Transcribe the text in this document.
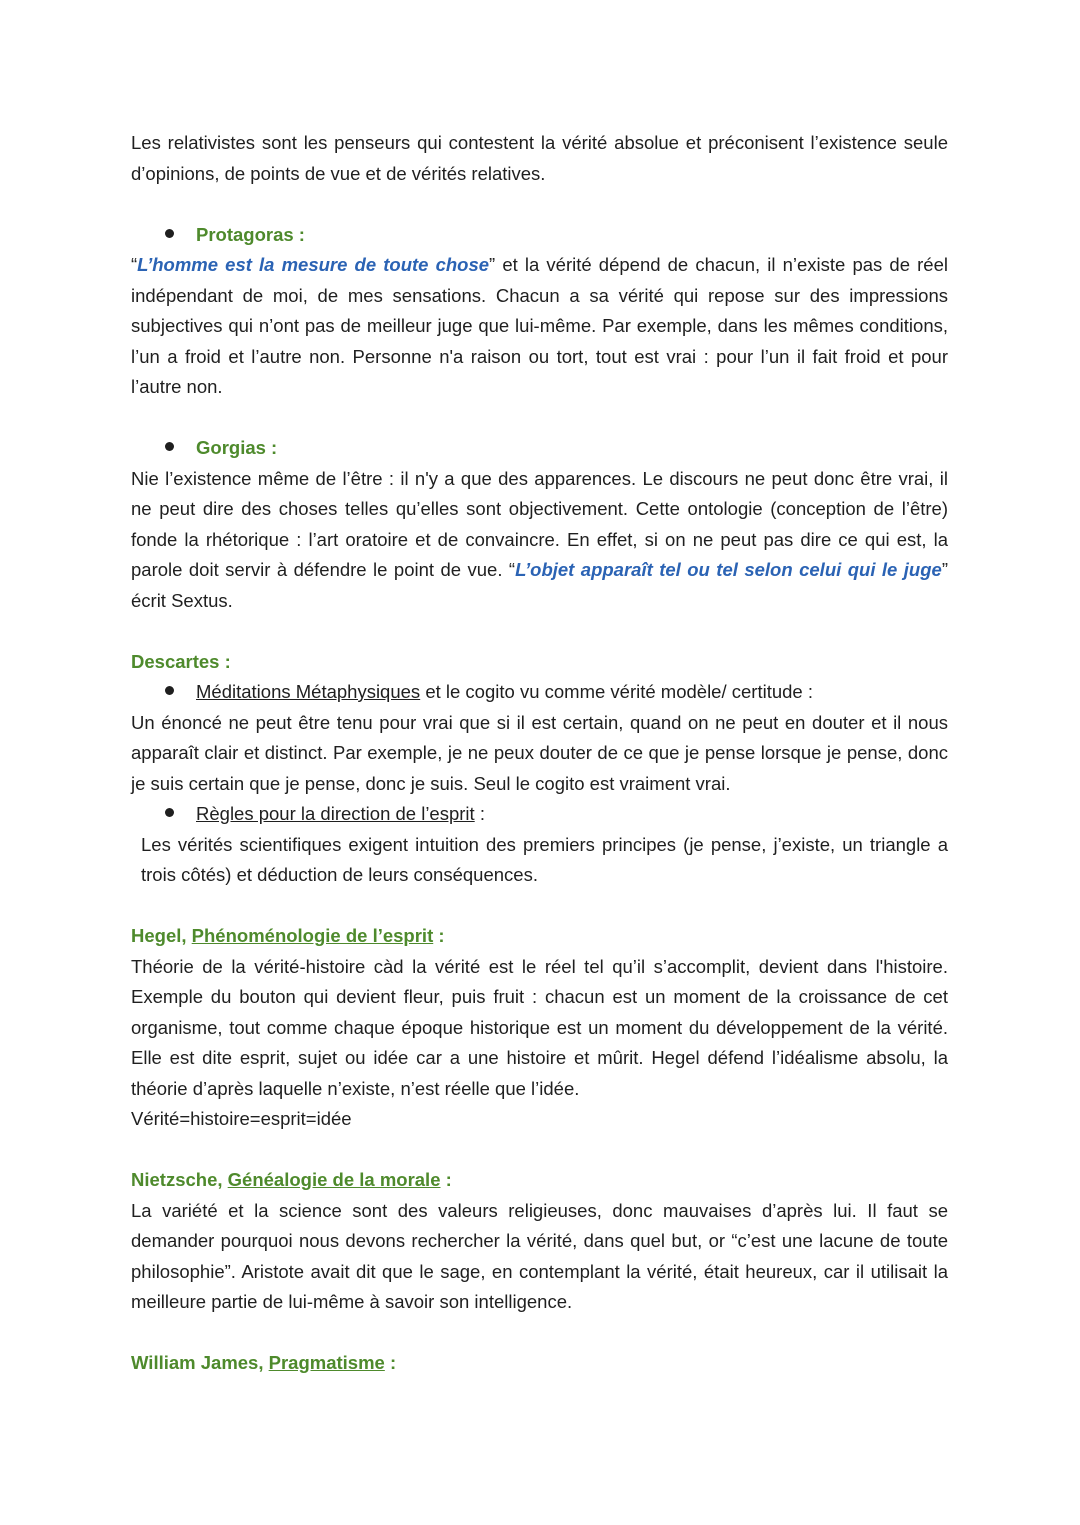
Les relativistes sont les penseurs qui contestent la vérité absolue et préconisent l’existence seule d’opinions, de points de vue et de vérités relatives.

Protagoras :

“L’homme est la mesure de toute chose” et la vérité dépend de chacun, il n’existe pas de réel indépendant de moi, de mes sensations. Chacun a sa vérité qui repose sur des impressions subjectives qui n’ont pas de meilleur juge que lui-même. Par exemple, dans les mêmes conditions, l’un a froid et l’autre non. Personne n'a raison ou tort, tout est vrai : pour l’un il fait froid et pour l’autre non.

Gorgias :

Nie l’existence même de l’être : il n'y a que des apparences. Le discours ne peut donc être vrai, il ne peut dire des choses telles qu’elles sont objectivement. Cette ontologie (conception de l’être) fonde la rhétorique : l’art oratoire et de convaincre. En effet, si on ne peut pas dire ce qui est, la parole doit servir à défendre le point de vue. “L’objet apparaît tel ou tel selon celui qui le juge” écrit Sextus.

Descartes :

Méditations Métaphysiques et le cogito vu comme vérité modèle/ certitude :

Un énoncé ne peut être tenu pour vrai que si il est certain, quand on ne peut en douter et il nous apparaît clair et distinct. Par exemple, je ne peux douter de ce que je pense lorsque je pense, donc je suis certain que je pense, donc je suis. Seul le cogito est vraiment vrai.

Règles pour la direction de l’esprit :

Les vérités scientifiques exigent intuition des premiers principes (je pense, j’existe, un triangle a trois côtés) et déduction de leurs conséquences.

Hegel, Phénoménologie de l’esprit :

Théorie de la vérité-histoire càd la vérité est le réel tel qu’il s’accomplit, devient dans l'histoire. Exemple du bouton qui devient fleur, puis fruit : chacun est un moment de la croissance de cet organisme, tout comme chaque époque historique est un moment du développement de la vérité. Elle est dite esprit, sujet ou idée car a une histoire et mûrit. Hegel défend l’idéalisme absolu, la théorie d’après laquelle n’existe, n’est réelle que l’idée.

Vérité=histoire=esprit=idée

Nietzsche, Généalogie de la morale :

La variété et la science sont des valeurs religieuses, donc mauvaises d’après lui. Il faut se demander pourquoi nous devons rechercher la vérité, dans quel but, or “c’est une lacune de toute philosophie”. Aristote avait dit que le sage, en contemplant la vérité, était heureux, car il utilisait la meilleure partie de lui-même à savoir son intelligence.

William James, Pragmatisme :
